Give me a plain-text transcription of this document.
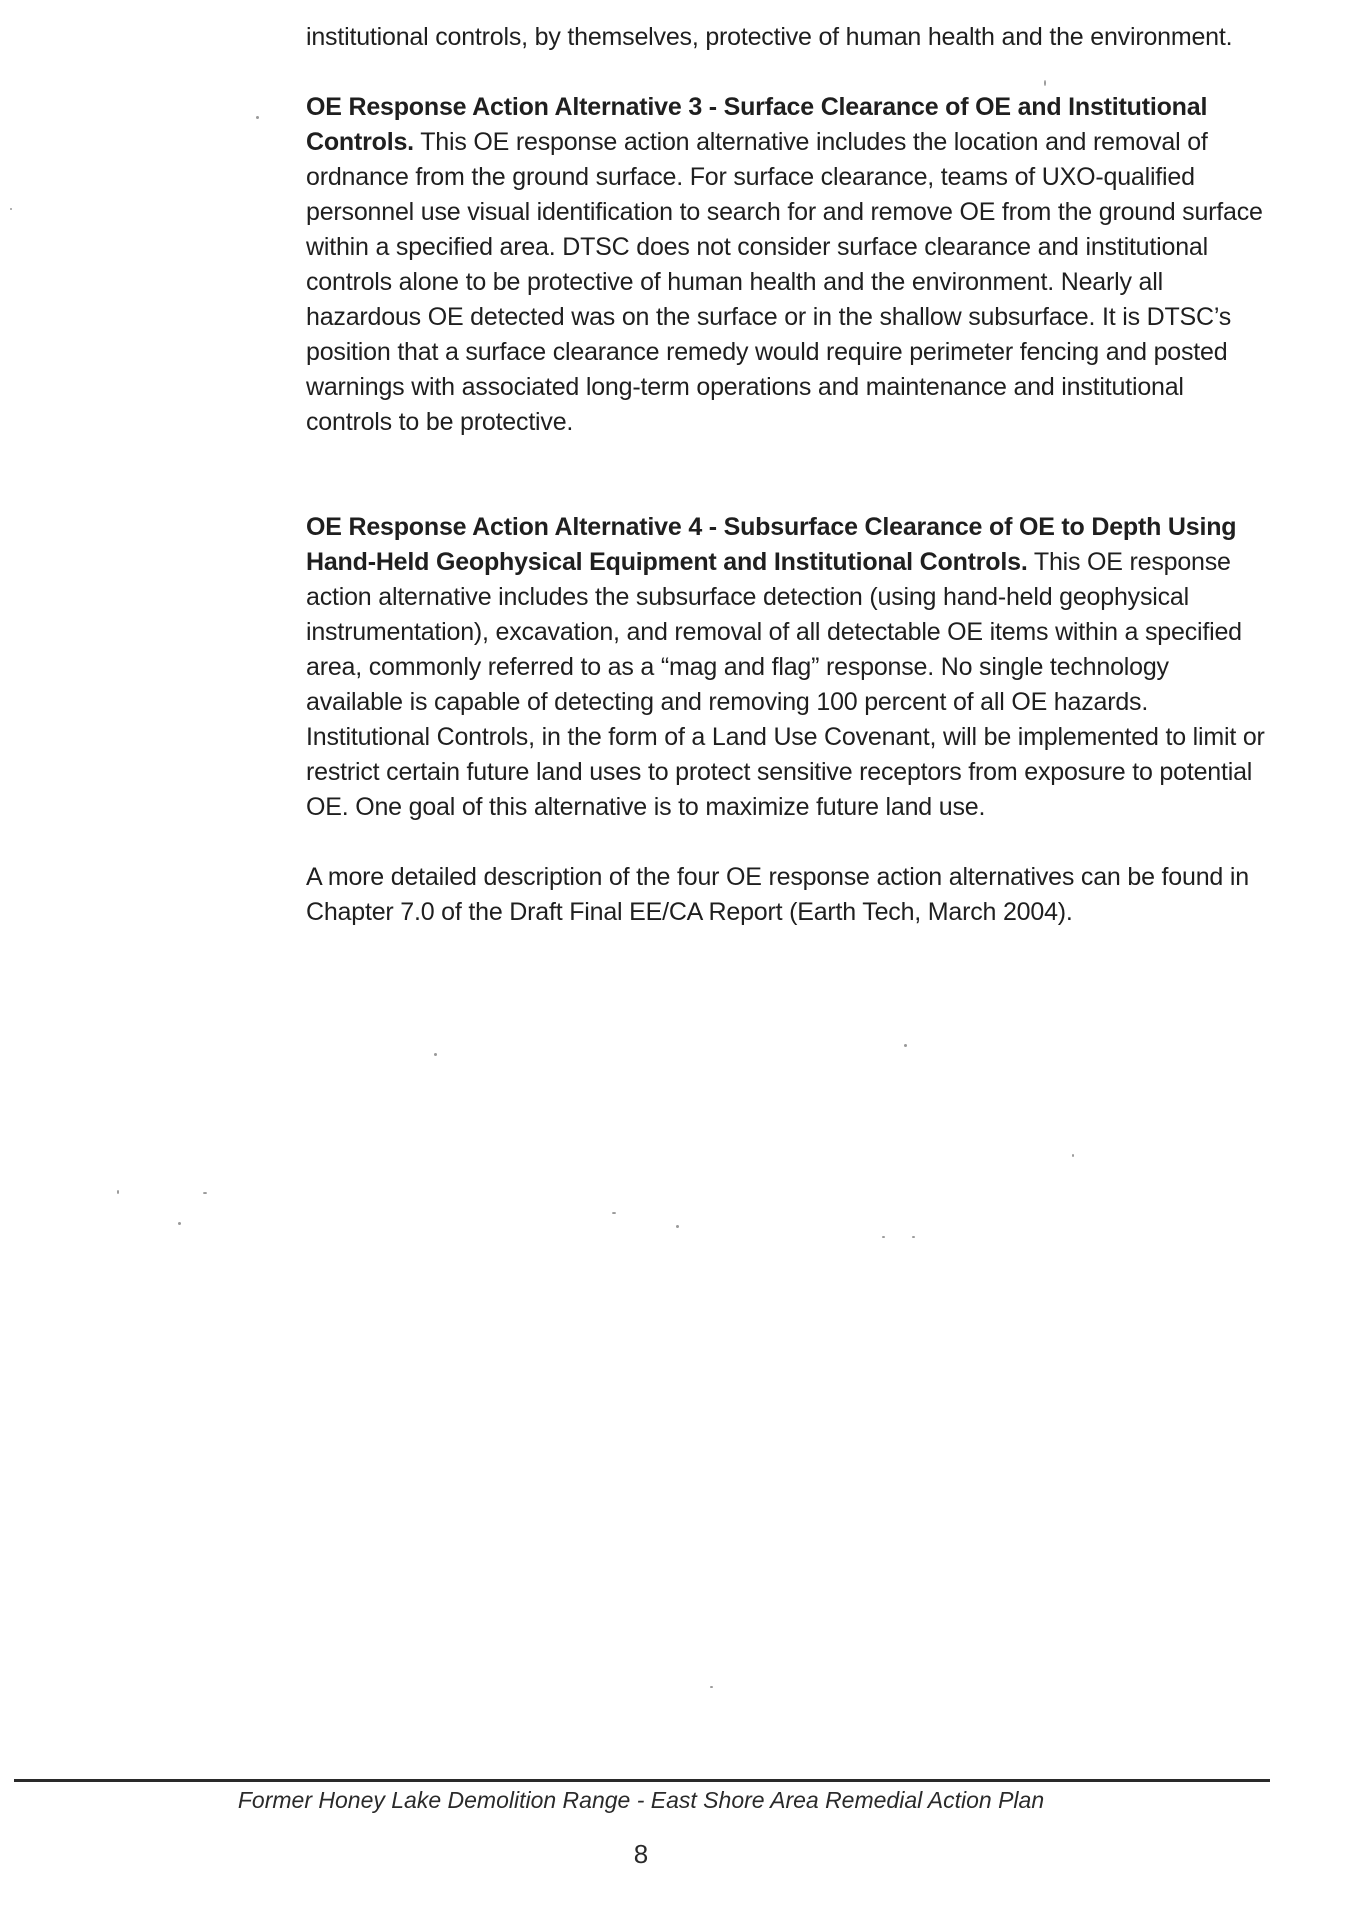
institutional controls, by themselves, protective of human health and the environment.

OE Response Action Alternative 3 - Surface Clearance of OE and Institutional Controls. This OE response action alternative includes the location and removal of ordnance from the ground surface. For surface clearance, teams of UXO-qualified personnel use visual identification to search for and remove OE from the ground surface within a specified area. DTSC does not consider surface clearance and institutional controls alone to be protective of human health and the environment. Nearly all hazardous OE detected was on the surface or in the shallow subsurface. It is DTSC’s position that a surface clearance remedy would require perimeter fencing and posted warnings with associated long-term operations and maintenance and institutional controls to be protective.

OE Response Action Alternative 4 - Subsurface Clearance of OE to Depth Using Hand-Held Geophysical Equipment and Institutional Controls. This OE response action alternative includes the subsurface detection (using hand-held geophysical instrumentation), excavation, and removal of all detectable OE items within a specified area, commonly referred to as a “mag and flag” response. No single technology available is capable of detecting and removing 100 percent of all OE hazards. Institutional Controls, in the form of a Land Use Covenant, will be implemented to limit or restrict certain future land uses to protect sensitive receptors from exposure to potential OE. One goal of this alternative is to maximize future land use.

A more detailed description of the four OE response action alternatives can be found in Chapter 7.0 of the Draft Final EE/CA Report (Earth Tech, March 2004).

Former Honey Lake Demolition Range - East Shore Area Remedial Action Plan
8
